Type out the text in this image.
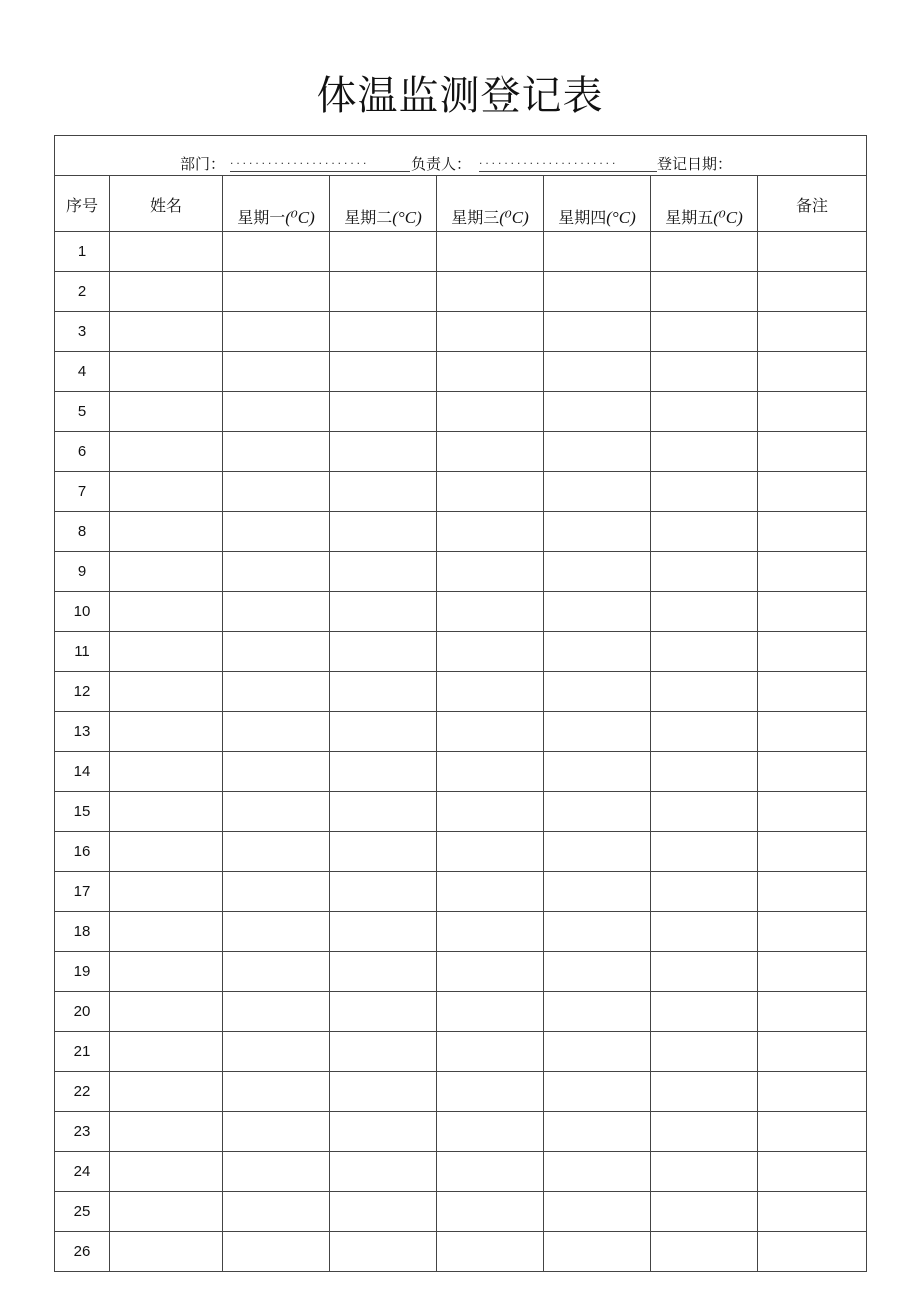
体温监测登记表
部门： ...................... 负责人： ...................... 登记日期：							

序号	姓名	星期一(⁰C)	星期二(°C)	星期三(⁰C)	星期四(°C)	星期五(⁰C)	备注
1							
2							
3							
4							
5							
6							
7							
8							
9							
10							
11							
12							
13							
14							
15							
16							
17							
18							
19							
20							
21							
22							
23							
24							
25							
26							
